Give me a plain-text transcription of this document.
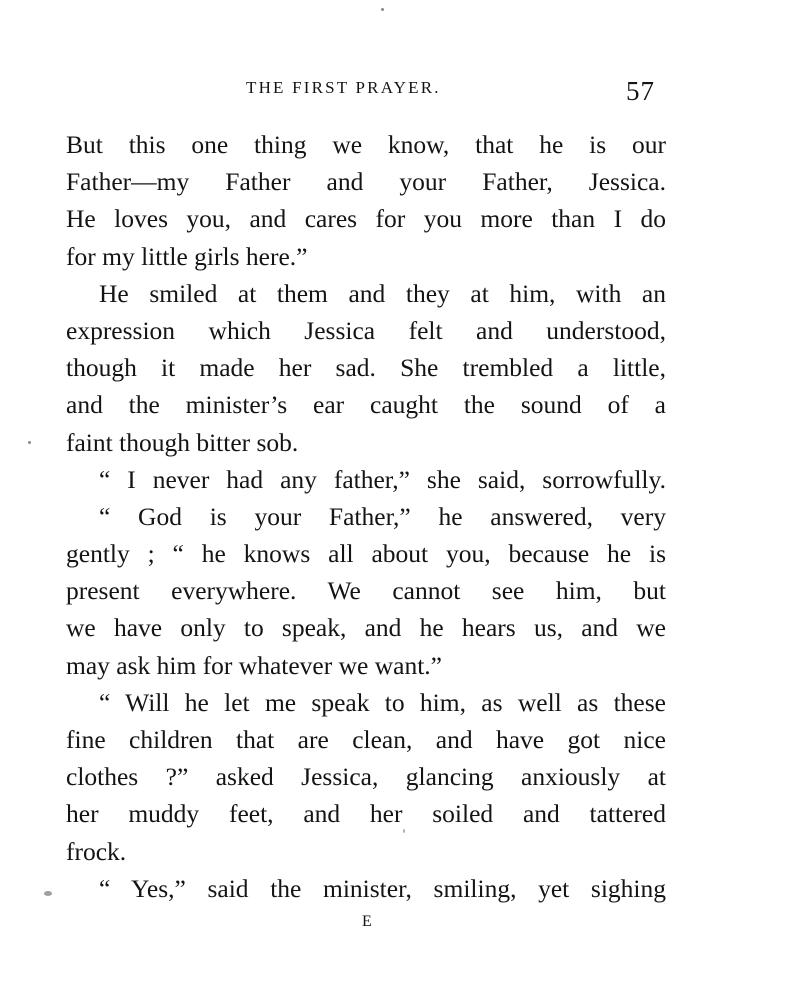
THE FIRST PRAYER.	57
But this one thing we know, that he is our
Father—my Father and your Father, Jessica.
He loves you, and cares for you more than I do
for my little girls here.”
He smiled at them and they at him, with an
expression which Jessica felt and understood,
though it made her sad. She trembled a little,
and the minister’s ear caught the sound of a
faint though bitter sob.
“ I never had any father,” she said, sorrowfully.
“ God is your Father,” he answered, very
gently ; “ he knows all about you, because he is
present everywhere. We cannot see him, but
we have only to speak, and he hears us, and we
may ask him for whatever we want.”
“ Will he let me speak to him, as well as these
fine children that are clean, and have got nice
clothes ?” asked Jessica, glancing anxiously at
her muddy feet, and her soiled and tattered
frock.
“ Yes,” said the minister, smiling, yet sighing
E
